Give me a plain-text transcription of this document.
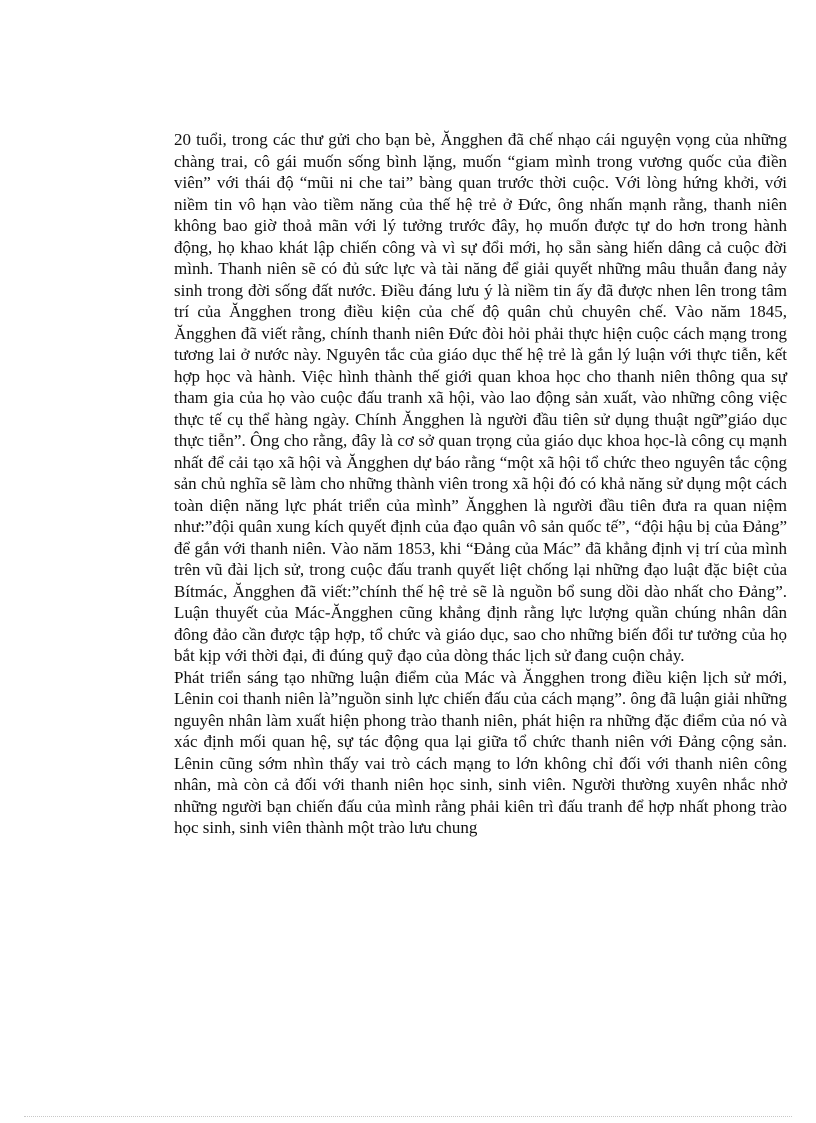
20 tuổi, trong các thư gửi cho bạn bè, Ăngghen đã chế nhạo cái nguyện vọng của những chàng trai, cô gái muốn sống bình lặng, muốn “giam mình trong vương quốc của điền viên” với thái độ “mũi ni che tai” bàng quan trước thời cuộc. Với lòng hứng khởi, với niềm tin vô hạn vào tiềm năng của thế hệ trẻ ở Đức, ông nhấn mạnh rằng, thanh niên không bao giờ thoả mãn với lý tưởng trước đây, họ muốn được tự do hơn trong hành động, họ khao khát lập chiến công và vì sự đổi mới, họ sẵn sàng hiến dâng cả cuộc đời mình. Thanh niên sẽ có đủ sức lực và tài năng để giải quyết những mâu thuẫn đang nảy sinh trong đời sống đất nước. Điều đáng lưu ý là niềm tin ấy đã được nhen lên trong tâm trí của Ăngghen trong điều kiện của chế độ quân chủ chuyên chế. Vào năm 1845, Ăngghen đã viết rằng, chính thanh niên Đức đòi hỏi phải thực hiện cuộc cách mạng trong tương lai ở nước này. Nguyên tắc của giáo dục thế hệ trẻ là gắn lý luận với thực tiễn, kết hợp học và hành. Việc hình thành thế giới quan khoa học cho thanh niên thông qua sự tham gia của họ vào cuộc đấu tranh xã hội, vào lao động sản xuất, vào những công việc thực tế cụ thể hàng ngày. Chính Ăngghen là người đầu tiên sử dụng thuật ngữ”giáo dục thực tiễn”. Ông cho rằng, đây là cơ sở quan trọng của giáo dục khoa học-là công cụ mạnh nhất để cải tạo xã hội và Ăngghen dự báo rằng “một xã hội tổ chức theo nguyên tắc cộng sản chủ nghĩa sẽ làm cho những thành viên trong xã hội đó có khả năng sử dụng một cách toàn diện năng lực phát triển của mình” Ăngghen là người đầu tiên đưa ra quan niệm như:”đội quân xung kích quyết định của đạo quân vô sản quốc tế”, “đội hậu bị của Đảng” để gắn với thanh niên. Vào năm 1853, khi “Đảng của Mác” đã khẳng định vị trí của mình trên vũ đài lịch sử, trong cuộc đấu tranh quyết liệt chống lại những đạo luật đặc biệt của Bítmác, Ăngghen đã viết:”chính thế hệ trẻ sẽ là nguồn bổ sung dồi dào nhất cho Đảng”. Luận thuyết của Mác-Ăngghen cũng khẳng định rằng lực lượng quần chúng nhân dân đông đảo cần được tập hợp, tổ chức và giáo dục, sao cho những biến đổi tư tưởng của họ bắt kịp với thời đại, đi đúng quỹ đạo của dòng thác lịch sử đang cuộn chảy.

Phát triển sáng tạo những luận điểm của Mác và Ăngghen trong điều kiện lịch sử mới, Lênin coi thanh niên là”nguồn sinh lực chiến đấu của cách mạng”. ông đã luận giải những nguyên nhân làm xuất hiện phong trào thanh niên, phát hiện ra những đặc điểm của nó và xác định mối quan hệ, sự tác động qua lại giữa tổ chức thanh niên với Đảng cộng sản. Lênin cũng sớm nhìn thấy vai trò cách mạng to lớn không chỉ đối với thanh niên công nhân, mà còn cả đối với thanh niên học sinh, sinh viên. Người thường xuyên nhắc nhở những người bạn chiến đấu của mình rằng phải kiên trì đấu tranh để hợp nhất phong trào học sinh, sinh viên thành một trào lưu chung
